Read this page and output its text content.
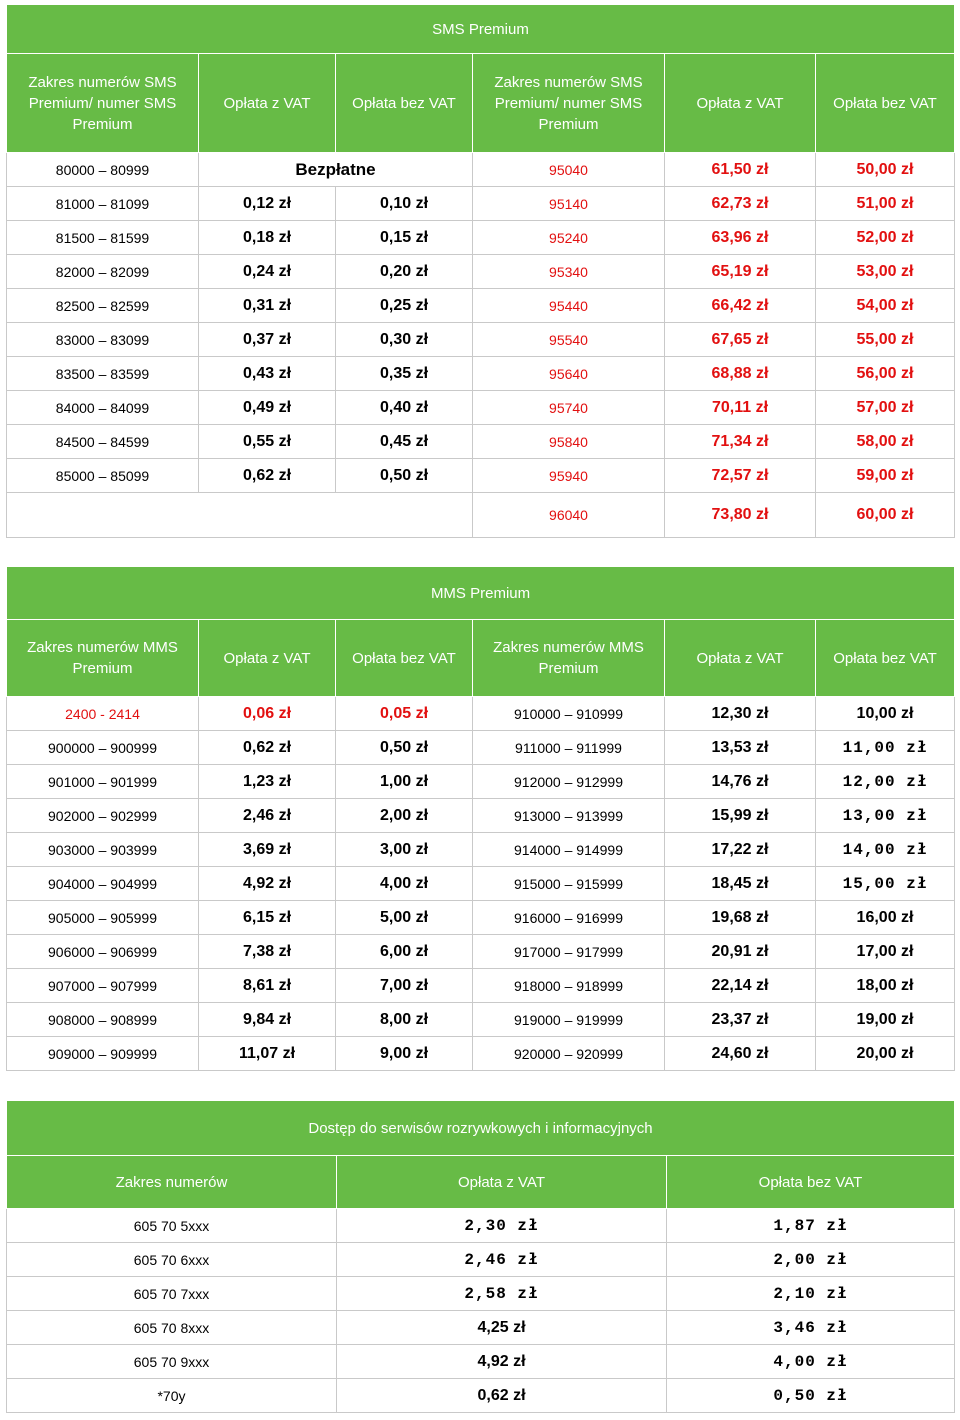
SMS Premium					
Zakres numerów SMS Premium/ numer SMS Premium	Opłata z VAT	Opłata bez VAT	Zakres numerów SMS Premium/ numer SMS Premium	Opłata z VAT	Opłata bez VAT
80000 – 80999	Bezpłatne		95040	61,50 zł	50,00 zł
81000 – 81099	0,12 zł	0,10 zł	95140	62,73 zł	51,00 zł
81500 – 81599	0,18 zł	0,15 zł	95240	63,96 zł	52,00 zł
82000 – 82099	0,24 zł	0,20 zł	95340	65,19 zł	53,00 zł
82500 – 82599	0,31 zł	0,25 zł	95440	66,42 zł	54,00 zł
83000 – 83099	0,37 zł	0,30 zł	95540	67,65 zł	55,00 zł
83500 – 83599	0,43 zł	0,35 zł	95640	68,88 zł	56,00 zł
84000 – 84099	0,49 zł	0,40 zł	95740	70,11 zł	57,00 zł
84500 – 84599	0,55 zł	0,45 zł	95840	71,34 zł	58,00 zł
85000 – 85099	0,62 zł	0,50 zł	95940	72,57 zł	59,00 zł
			96040	73,80 zł	60,00 zł
MMS Premium					
Zakres numerów MMS Premium	Opłata z VAT	Opłata bez VAT	Zakres numerów MMS Premium	Opłata z VAT	Opłata bez VAT
2400 - 2414	0,06 zł	0,05 zł	910000 – 910999	12,30 zł	10,00 zł
900000 – 900999	0,62 zł	0,50 zł	911000 – 911999	13,53 zł	11,00 zł
901000 – 901999	1,23 zł	1,00 zł	912000 – 912999	14,76 zł	12,00 zł
902000 – 902999	2,46 zł	2,00 zł	913000 – 913999	15,99 zł	13,00 zł
903000 – 903999	3,69 zł	3,00 zł	914000 – 914999	17,22 zł	14,00 zł
904000 – 904999	4,92 zł	4,00 zł	915000 – 915999	18,45 zł	15,00 zł
905000 – 905999	6,15 zł	5,00 zł	916000 – 916999	19,68 zł	16,00 zł
906000 – 906999	7,38 zł	6,00 zł	917000 – 917999	20,91 zł	17,00 zł
907000 – 907999	8,61 zł	7,00 zł	918000 – 918999	22,14 zł	18,00 zł
908000 – 908999	9,84 zł	8,00 zł	919000 – 919999	23,37 zł	19,00 zł
909000 – 909999	11,07 zł	9,00 zł	920000 – 920999	24,60 zł	20,00 zł
Dostęp do serwisów rozrywkowych i informacyjnych		
Zakres numerów	Opłata z VAT	Opłata bez VAT
605 70 5xxx	2,30 zł	1,87 zł
605 70 6xxx	2,46 zł	2,00 zł
605 70 7xxx	2,58 zł	2,10 zł
605 70 8xxx	4,25 zł	3,46 zł
605 70 9xxx	4,92 zł	4,00 zł
*70y	0,62 zł	0,50 zł
